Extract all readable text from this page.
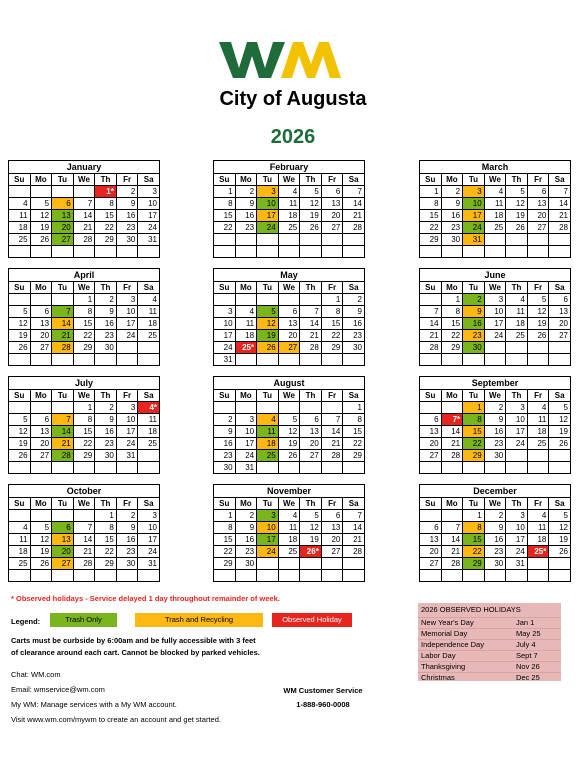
City of Augusta
2026
January
Su	Mo	Tu	We	Th	Fr	Sa
				1*	2	3
4	5	6	7	8	9	10
11	12	13	14	15	16	17
18	19	20	21	22	23	24
25	26	27	28	29	30	31

February
Su	Mo	Tu	We	Th	Fr	Sa
1	2	3	4	5	6	7
8	9	10	11	12	13	14
15	16	17	18	19	20	21
22	23	24	25	26	27	28

March
Su	Mo	Tu	We	Th	Fr	Sa
1	2	3	4	5	6	7
8	9	10	11	12	13	14
15	16	17	18	19	20	21
22	23	24	25	26	27	28
29	30	31				

April
Su	Mo	Tu	We	Th	Fr	Sa
			1	2	3	4
5	6	7	8	9	10	11
12	13	14	15	16	17	18
19	20	21	22	23	24	25
26	27	28	29	30		

May
Su	Mo	Tu	We	Th	Fr	Sa
					1	2
3	4	5	6	7	8	9
10	11	12	13	14	15	16
17	18	19	20	21	22	23
24	25*	26	27	28	29	30
31						
June
Su	Mo	Tu	We	Th	Fr	Sa
	1	2	3	4	5	6
7	8	9	10	11	12	13
14	15	16	17	18	19	20
21	22	23	24	25	26	27
28	29	30				

July
Su	Mo	Tu	We	Th	Fr	Sa
			1	2	3	4*
5	6	7	8	9	10	11
12	13	14	15	16	17	18
19	20	21	22	23	24	25
26	27	28	29	30	31	

August
Su	Mo	Tu	We	Th	Fr	Sa
						1
2	3	4	5	6	7	8
9	10	11	12	13	14	15
16	17	18	19	20	21	22
23	24	25	26	27	28	29
30	31					
September
Su	Mo	Tu	We	Th	Fr	Sa
		1	2	3	4	5
6	7*	8	9	10	11	12
13	14	15	16	17	18	19
20	21	22	23	24	25	26
27	28	29	30			

October
Su	Mo	Tu	We	Th	Fr	Sa
				1	2	3
4	5	6	7	8	9	10
11	12	13	14	15	16	17
18	19	20	21	22	23	24
25	26	27	28	29	30	31

November
Su	Mo	Tu	We	Th	Fr	Sa
1	2	3	4	5	6	7
8	9	10	11	12	13	14
15	16	17	18	19	20	21
22	23	24	25	26*	27	28
29	30					

December
Su	Mo	Tu	We	Th	Fr	Sa
		1	2	3	4	5
6	7	8	9	10	11	12
13	14	15	16	17	18	19
20	21	22	23	24	25*	26
27	28	29	30	31		

* Observed holidays - Service delayed 1 day throughout remainder of week.
Legend:	Trash Only	Trash and Recycling	Observed Holiday
Carts must be curbside by 6:00am and be fully accessible with 3 feet
of clearance around each cart. Cannot be blocked by parked vehicles.
Chat: WM.com
Email: wmservice@wm.com
My WM: Manage services with a My WM account.
Visit www.wm.com/mywm to create an account and get started.
WM Customer Service
1-888-960-0008
2026 OBSERVED HOLIDAYS
New Year's Day	Jan 1
Memorial Day	May 25
Independence Day	July 4
Labor Day	Sept 7
Thanksgiving	Nov 26
Christmas	Dec 25
